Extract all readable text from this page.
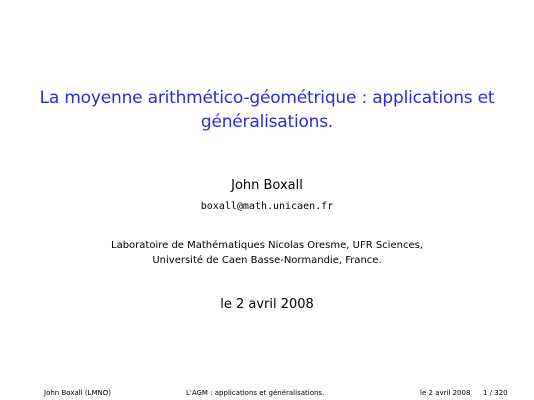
La moyenne arithmético-géométrique : applications et
généralisations.
John Boxall
boxall@math.unicaen.fr
Laboratoire de Mathématiques Nicolas Oresme, UFR Sciences,
Université de Caen Basse-Normandie, France.
le 2 avril 2008
John Boxall (LMNO)	L'AGM : applications et généralisations.	le 2 avril 2008 1 / 320
